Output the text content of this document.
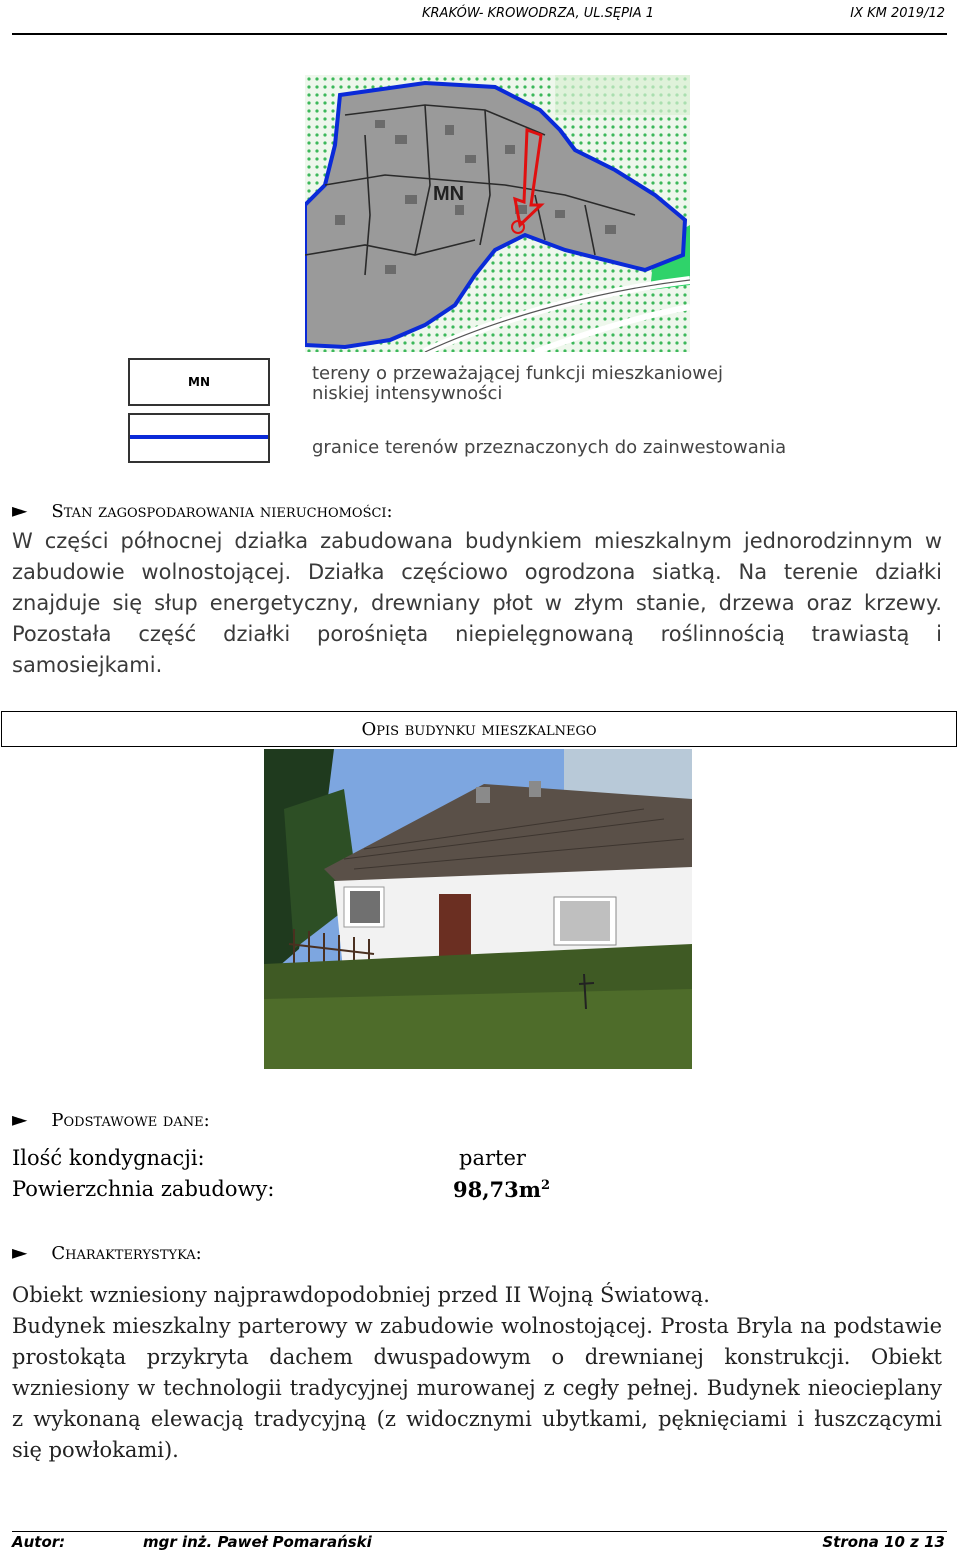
KRAKÓW- KROWODRZA, UL.SĘPIA 1	IX KM 2019/12
MN
MN	tereny o przeważającej funkcji mieszkaniowej niskiej intensywności
granice terenów przeznaczonych do zainwestowania
► Stan zagospodarowania nieruchomości:
W części północnej działka zabudowana budynkiem mieszkalnym jednorodzinnym w zabudowie wolnostojącej. Działka częściowo ogrodzona siatką. Na terenie działki znajduje się słup energetyczny, drewniany płot w złym stanie, drzewa oraz krzewy. Pozostała część działki porośnięta niepielęgnowaną roślinnością trawiastą i samosiejkami.
Opis budynku mieszkalnego
► Podstawowe dane:
Ilość kondygnacji:	parter
Powierzchnia zabudowy:	$98,73m^2$
► Charakterystyka:
Obiekt wzniesiony najprawdopodobniej przed II Wojną Światową.
Budynek mieszkalny parterowy w zabudowie wolnostojącej. Prosta Bryla na podstawie prostokąta przykryta dachem dwuspadowym o drewnianej konstrukcji. Obiekt wzniesiony w technologii tradycyjnej murowanej z cegły pełnej. Budynek nieocieplany z wykonaną elewacją tradycyjną (z widocznymi ubytkami, pęknięciami i łuszczącymi się powłokami).
Autor:	mgr inż. Paweł Pomarański	Strona 10 z 13
